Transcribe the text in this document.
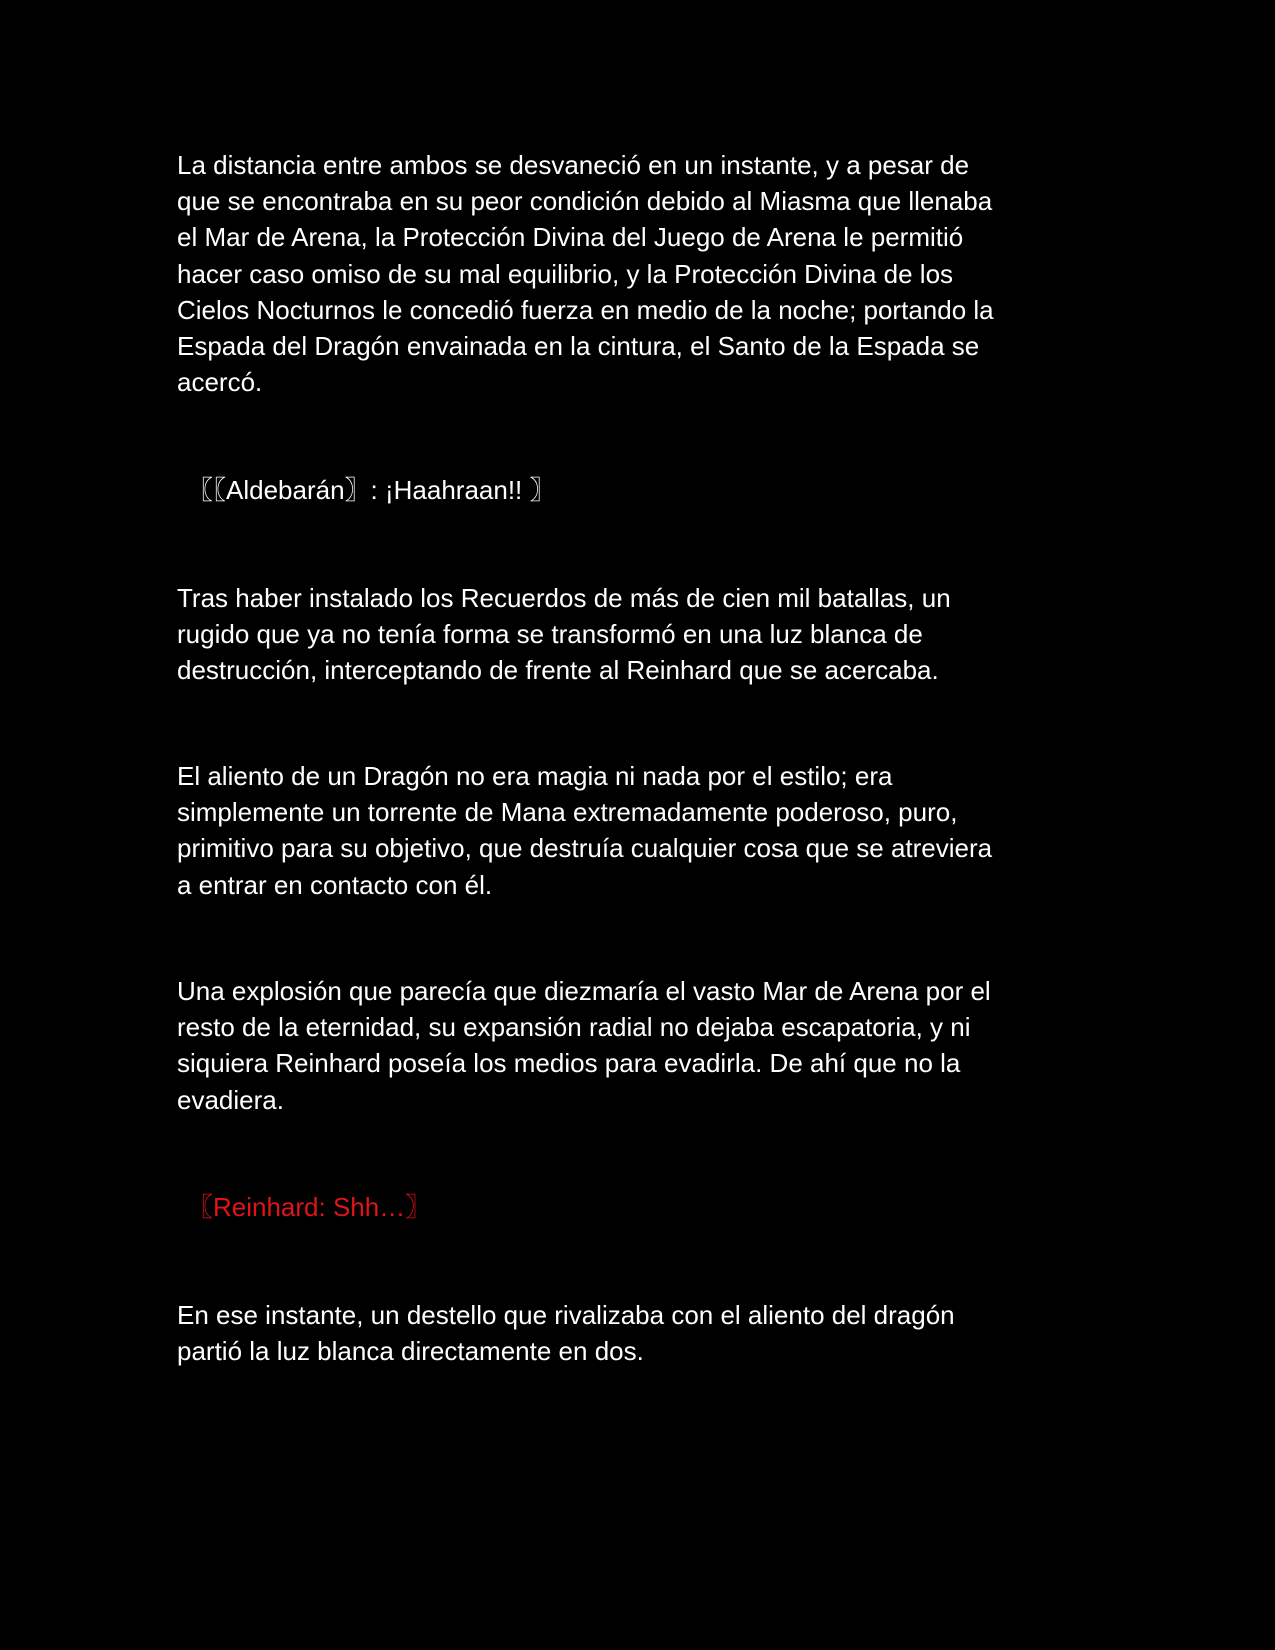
La distancia entre ambos se desvaneció en un instante, y a pesar de
que se encontraba en su peor condición debido al Miasma que llenaba
el Mar de Arena, la Protección Divina del Juego de Arena le permitió
hacer caso omiso de su mal equilibrio, y la Protección Divina de los
Cielos Nocturnos le concedió fuerza en medio de la noche; portando la
Espada del Dragón envainada en la cintura, el Santo de la Espada se
acercó.

〖〖Aldebarán〗: ¡Haahraan!! 〗

Tras haber instalado los Recuerdos de más de cien mil batallas, un
rugido que ya no tenía forma se transformó en una luz blanca de
destrucción, interceptando de frente al Reinhard que se acercaba.

El aliento de un Dragón no era magia ni nada por el estilo; era
simplemente un torrente de Mana extremadamente poderoso, puro,
primitivo para su objetivo, que destruía cualquier cosa que se atreviera
a entrar en contacto con él.

Una explosión que parecía que diezmaría el vasto Mar de Arena por el
resto de la eternidad, su expansión radial no dejaba escapatoria, y ni
siquiera Reinhard poseía los medios para evadirla. De ahí que no la
evadiera.

〖Reinhard: Shh…〗

En ese instante, un destello que rivalizaba con el aliento del dragón
partió la luz blanca directamente en dos.
